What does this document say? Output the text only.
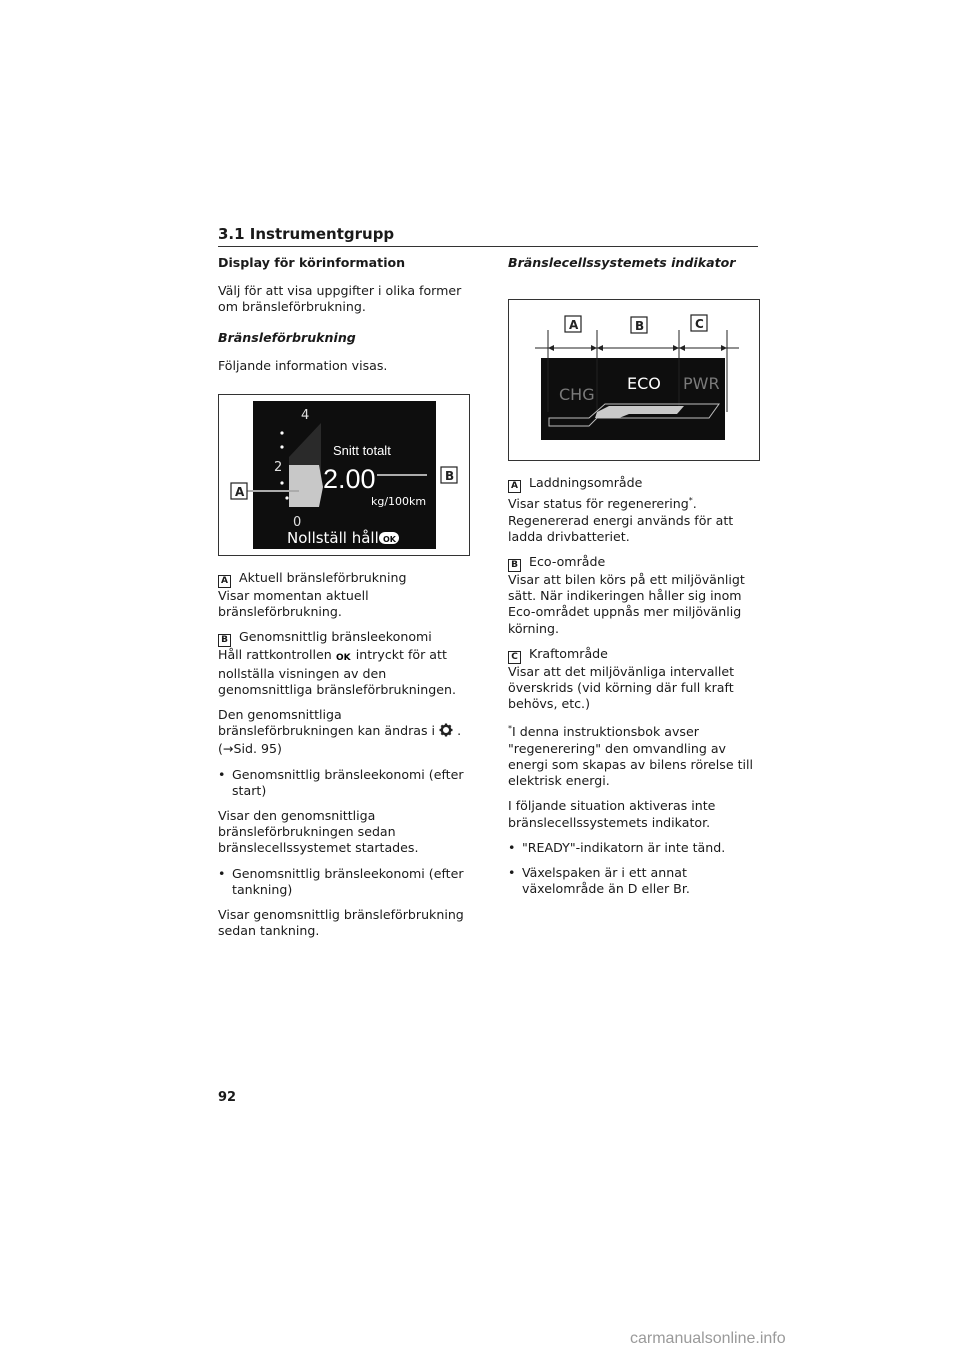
3.1 Instrumentgrupp

Display för körinformation

Välj för att visa uppgifter i olika former om bränsleförbrukning.

Bränsleförbrukning

Följande information visas.

4
2
0
Snitt totalt
2.00
kg/100km
Nollställ håll OK
A
B

A Aktuell bränsleförbrukning
Visar momentan aktuell bränsleförbrukning.

B Genomsnittlig bränsleekonomi
Håll rattkontrollen OK intryckt för att nollställa visningen av den genomsnittliga bränsleförbrukningen.

Den genomsnittliga bränsleförbrukningen kan ändras i .
(→Sid. 95)

• Genomsnittlig bränsleekonomi (efter start)

Visar den genomsnittliga bränsleförbrukningen sedan bränslecellssystemet startades.

• Genomsnittlig bränsleekonomi (efter tankning)

Visar genomsnittlig bränsleförbrukning sedan tankning.

Bränslecellssystemets indikator

A	B	C
CHG
ECO PWR

A Laddningsområde
Visar status för regenerering*. Regenererad energi används för att ladda drivbatteriet.

B Eco-område
Visar att bilen körs på ett miljövänligt sätt. När indikeringen håller sig inom Eco-området uppnås mer miljövänlig körning.

C Kraftområde
Visar att det miljövänliga intervallet överskrids (vid körning där full kraft behövs, etc.)

*I denna instruktionsbok avser "regenerering" den omvandling av energi som skapas av bilens rörelse till elektrisk energi.

I följande situation aktiveras inte bränslecellssystemets indikator.

• "READY"-indikatorn är inte tänd.
• Växelspaken är i ett annat växelområde än D eller Br.
92
carmanualsonline.info
